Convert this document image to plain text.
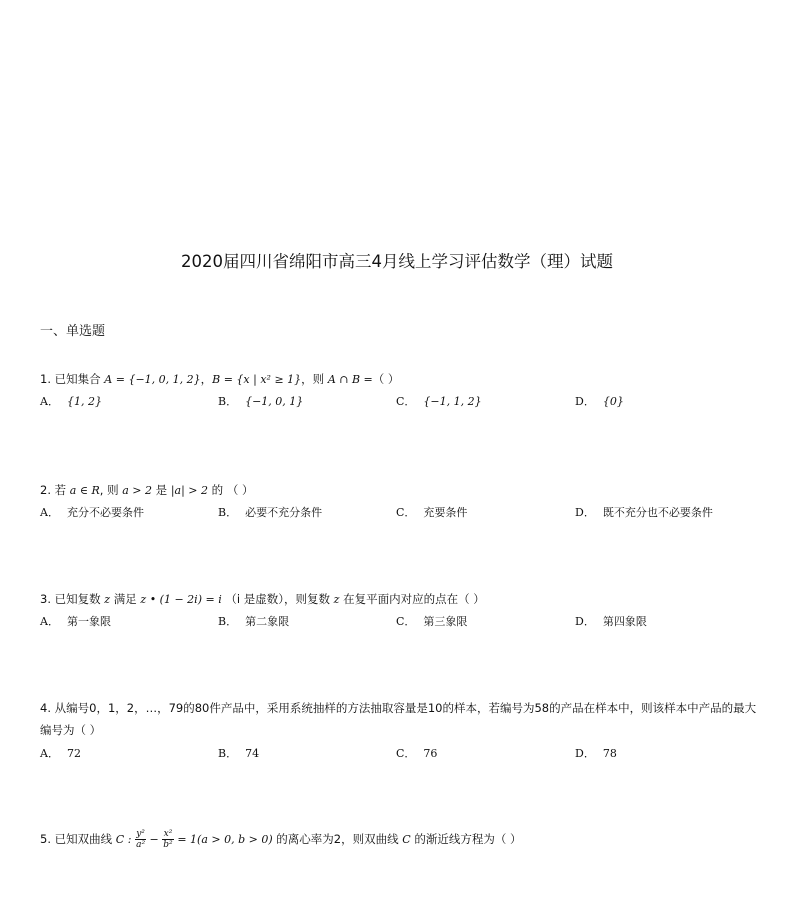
2020届四川省绵阳市高三4月线上学习评估数学（理）试题
一、单选题
1. 已知集合 A = {−1, 0, 1, 2}，B = {x | x² ≥ 1}，则 A ∩ B =（ ）
A． {1, 2}	B． {−1, 0, 1}	C． {−1, 1, 2}	D． {0}
2. 若 a ∈ R, 则 a > 2 是 |a| > 2 的 （ ）
A． 充分不必要条件	B． 必要不充分条件	C． 充要条件	D． 既不充分也不必要条件
3. 已知复数 z 满足 z • (1 − 2i) = i （i 是虚数），则复数 z 在复平面内对应的点在（ ）
A． 第一象限	B． 第二象限	C． 第三象限	D． 第四象限
4. 从编号0，1，2，…，79的80件产品中，采用系统抽样的方法抽取容量是10的样本，若编号为58的产品在样本中，则该样本中产品的最大编号为（ ）
A． 72	B． 74	C． 76	D． 78
5. 已知双曲线 C : $\frac{\text{y²}}{\text{a²}} - \frac{\text{x²}}{\text{b²}} = 1(a > 0$, b > 0) 的离心率为2，则双曲线 C 的渐近线方程为（ ）
